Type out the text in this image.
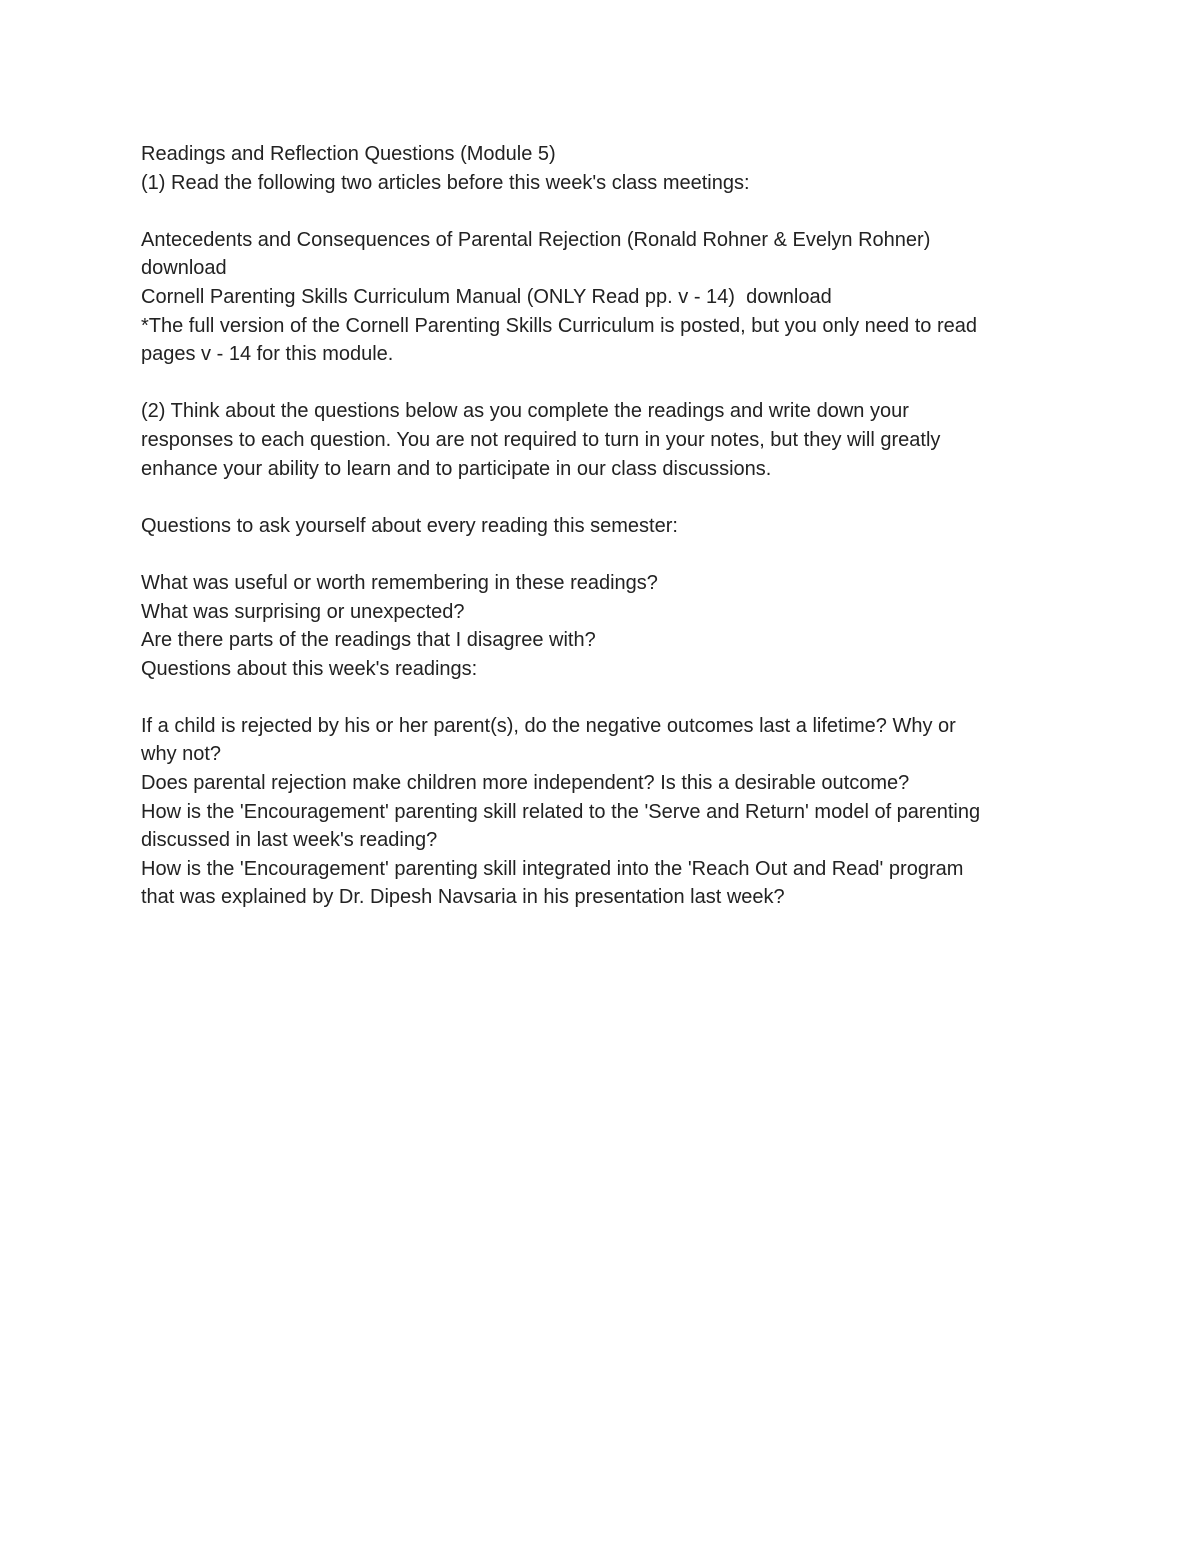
Readings and Reflection Questions (Module 5)
(1) Read the following two articles before this week's class meetings:
Antecedents and Consequences of Parental Rejection (Ronald Rohner & Evelyn Rohner)
download
Cornell Parenting Skills Curriculum Manual (ONLY Read pp. v - 14) download
*The full version of the Cornell Parenting Skills Curriculum is posted, but you only need to read
pages v - 14 for this module.
(2) Think about the questions below as you complete the readings and write down your
responses to each question. You are not required to turn in your notes, but they will greatly
enhance your ability to learn and to participate in our class discussions.
Questions to ask yourself about every reading this semester:
What was useful or worth remembering in these readings?
What was surprising or unexpected?
Are there parts of the readings that I disagree with?
Questions about this week's readings:
If a child is rejected by his or her parent(s), do the negative outcomes last a lifetime? Why or
why not?
Does parental rejection make children more independent? Is this a desirable outcome?
How is the 'Encouragement' parenting skill related to the 'Serve and Return' model of parenting
discussed in last week's reading?
How is the 'Encouragement' parenting skill integrated into the 'Reach Out and Read' program
that was explained by Dr. Dipesh Navsaria in his presentation last week?
